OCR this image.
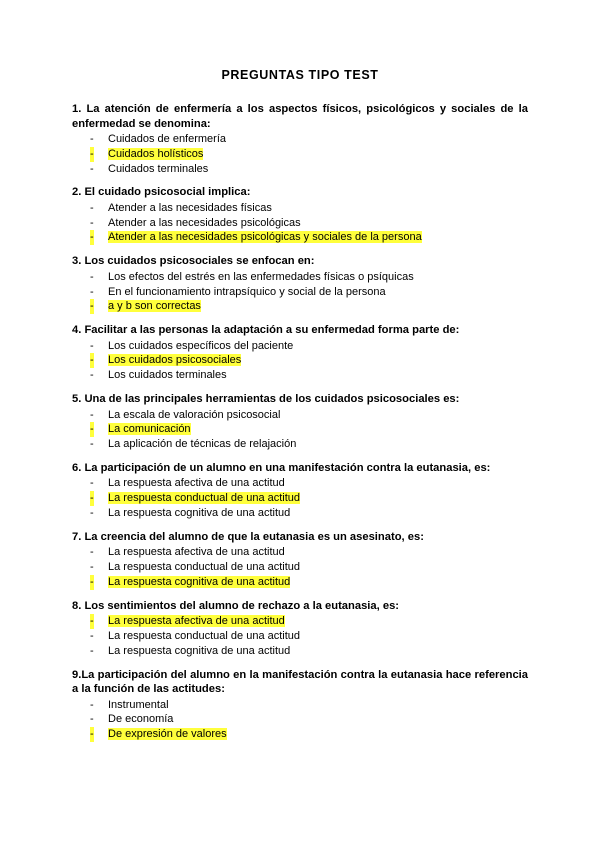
PREGUNTAS TIPO TEST
1. La atención de enfermería a los aspectos físicos, psicológicos y sociales de la enfermedad se denomina:
- Cuidados de enfermería
- Cuidados holísticos
- Cuidados terminales
2. El cuidado psicosocial implica:
- Atender a las necesidades físicas
- Atender a las necesidades psicológicas
- Atender a las necesidades psicológicas y sociales de la persona
3. Los cuidados psicosociales se enfocan en:
- Los efectos del estrés en las enfermedades físicas o psíquicas
- En el funcionamiento intrapsíquico y social de la persona
- a y b son correctas
4. Facilitar a las personas la adaptación a su enfermedad forma parte de:
- Los cuidados específicos del paciente
- Los cuidados psicosociales
- Los cuidados terminales
5. Una de las principales herramientas de los cuidados psicosociales es:
- La escala de valoración psicosocial
- La comunicación
- La aplicación de técnicas de relajación
6. La participación de un alumno en una manifestación contra la eutanasia, es:
- La respuesta afectiva de una actitud
- La respuesta conductual de una actitud
- La respuesta cognitiva de una actitud
7. La creencia del alumno de que la eutanasia es un asesinato, es:
- La respuesta afectiva de una actitud
- La respuesta conductual de una actitud
- La respuesta cognitiva de una actitud
8. Los sentimientos del alumno de rechazo a la eutanasia, es:
- La respuesta afectiva de una actitud
- La respuesta conductual de una actitud
- La respuesta cognitiva de una actitud
9.La participación del alumno en la manifestación contra la eutanasia hace referencia a la función de las actitudes:
- Instrumental
- De economía
- De expresión de valores
